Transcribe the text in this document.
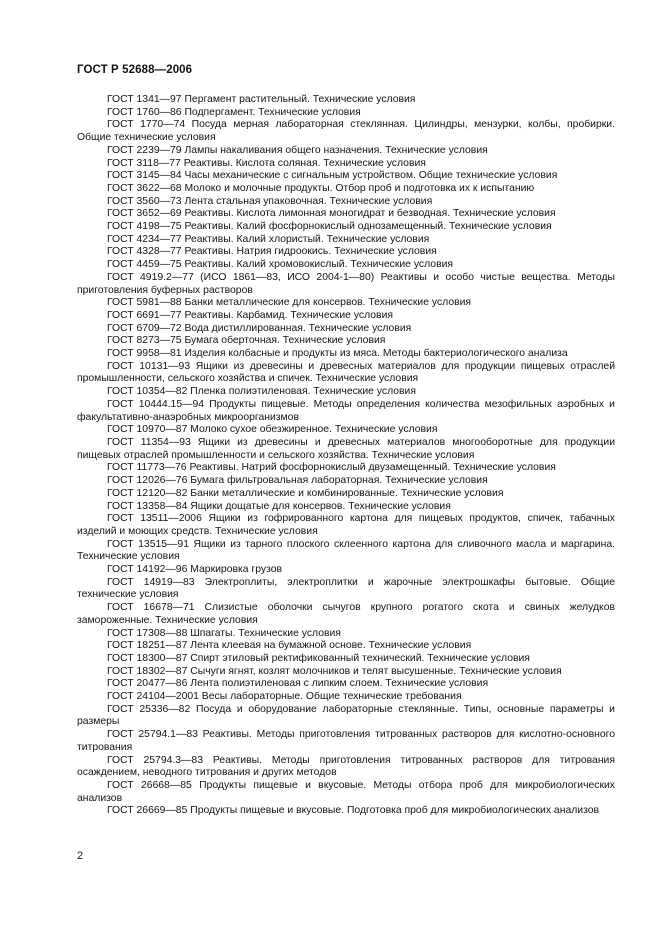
ГОСТ Р 52688—2006

ГОСТ 1341—97 Пергамент растительный. Технические условия

ГОСТ 1760—86 Подпергамент. Технические условия

ГОСТ 1770—74 Посуда мерная лабораторная стеклянная. Цилиндры, мензурки, колбы, пробирки. Общие технические условия

ГОСТ 2239—79 Лампы накаливания общего назначения. Технические условия

ГОСТ 3118—77 Реактивы. Кислота соляная. Технические условия

ГОСТ 3145—84 Часы механические с сигнальным устройством. Общие технические условия

ГОСТ 3622—68 Молоко и молочные продукты. Отбор проб и подготовка их к испытанию

ГОСТ 3560—73 Лента стальная упаковочная. Технические условия

ГОСТ 3652—69 Реактивы. Кислота лимонная моногидрат и безводная. Технические условия

ГОСТ 4198—75 Реактивы. Калий фосфорнокислый однозамещенный. Технические условия

ГОСТ 4234—77 Реактивы. Калий хлористый. Технические условия

ГОСТ 4328—77 Реактивы. Натрия гидроокись. Технические условия

ГОСТ 4459—75 Реактивы. Калий хромовокислый. Технические условия

ГОСТ 4919.2—77 (ИСО 1861—83, ИСО 2004-1—80) Реактивы и особо чистые вещества. Методы приготовления буферных растворов

ГОСТ 5981—88 Банки металлические для консервов. Технические условия

ГОСТ 6691—77 Реактивы. Карбамид. Технические условия

ГОСТ 6709—72 Вода дистиллированная. Технические условия

ГОСТ 8273—75 Бумага оберточная. Технические условия

ГОСТ 9958—81 Изделия колбасные и продукты из мяса. Методы бактериологического анализа

ГОСТ 10131—93 Ящики из древесины и древесных материалов для продукции пищевых отраслей промышленности, сельского хозяйства и спичек. Технические условия

ГОСТ 10354—82 Пленка полиэтиленовая. Технические условия

ГОСТ 10444.15—94 Продукты пищевые. Методы определения количества мезофильных аэробных и факультативно-анаэробных микроорганизмов

ГОСТ 10970—87 Молоко сухое обезжиренное. Технические условия

ГОСТ 11354—93 Ящики из древесины и древесных материалов многооборотные для продукции пищевых отраслей промышленности и сельского хозяйства. Технические условия

ГОСТ 11773—76 Реактивы. Натрий фосфорнокислый двузамещенный. Технические условия

ГОСТ 12026—76 Бумага фильтровальная лабораторная. Технические условия

ГОСТ 12120—82 Банки металлические и комбинированные. Технические условия

ГОСТ 13358—84 Ящики дощатые для консервов. Технические условия

ГОСТ 13511—2006 Ящики из гофрированного картона для пищевых продуктов, спичек, табачных изделий и моющих средств. Технические условия

ГОСТ 13515—91 Ящики из тарного плоского склеенного картона для сливочного масла и маргарина. Технические условия

ГОСТ 14192—96 Маркировка грузов

ГОСТ 14919—83 Электроплиты, электроплитки и жарочные электрошкафы бытовые. Общие технические условия

ГОСТ 16678—71 Слизистые оболочки сычугов крупного рогатого скота и свиных желудков замороженные. Технические условия

ГОСТ 17308—88 Шпагаты. Технические условия

ГОСТ 18251—87 Лента клеевая на бумажной основе. Технические условия

ГОСТ 18300—87 Спирт этиловый ректификованный технический. Технические условия

ГОСТ 18302—87 Сычуги ягнят, козлят молочников и телят высушенные. Технические условия

ГОСТ 20477—86 Лента полиэтиленовая с липким слоем. Технические условия

ГОСТ 24104—2001 Весы лабораторные. Общие технические требования

ГОСТ 25336—82 Посуда и оборудование лабораторные стеклянные. Типы, основные параметры и размеры

ГОСТ 25794.1—83 Реактивы. Методы приготовления титрованных растворов для кислотно-основного титрования

ГОСТ 25794.3—83 Реактивы. Методы приготовления титрованных растворов для титрования осаждением, неводного титрования и других методов

ГОСТ 26668—85 Продукты пищевые и вкусовые. Методы отбора проб для микробиологических анализов

ГОСТ 26669—85 Продукты пищевые и вкусовые. Подготовка проб для микробиологических анализов

2
